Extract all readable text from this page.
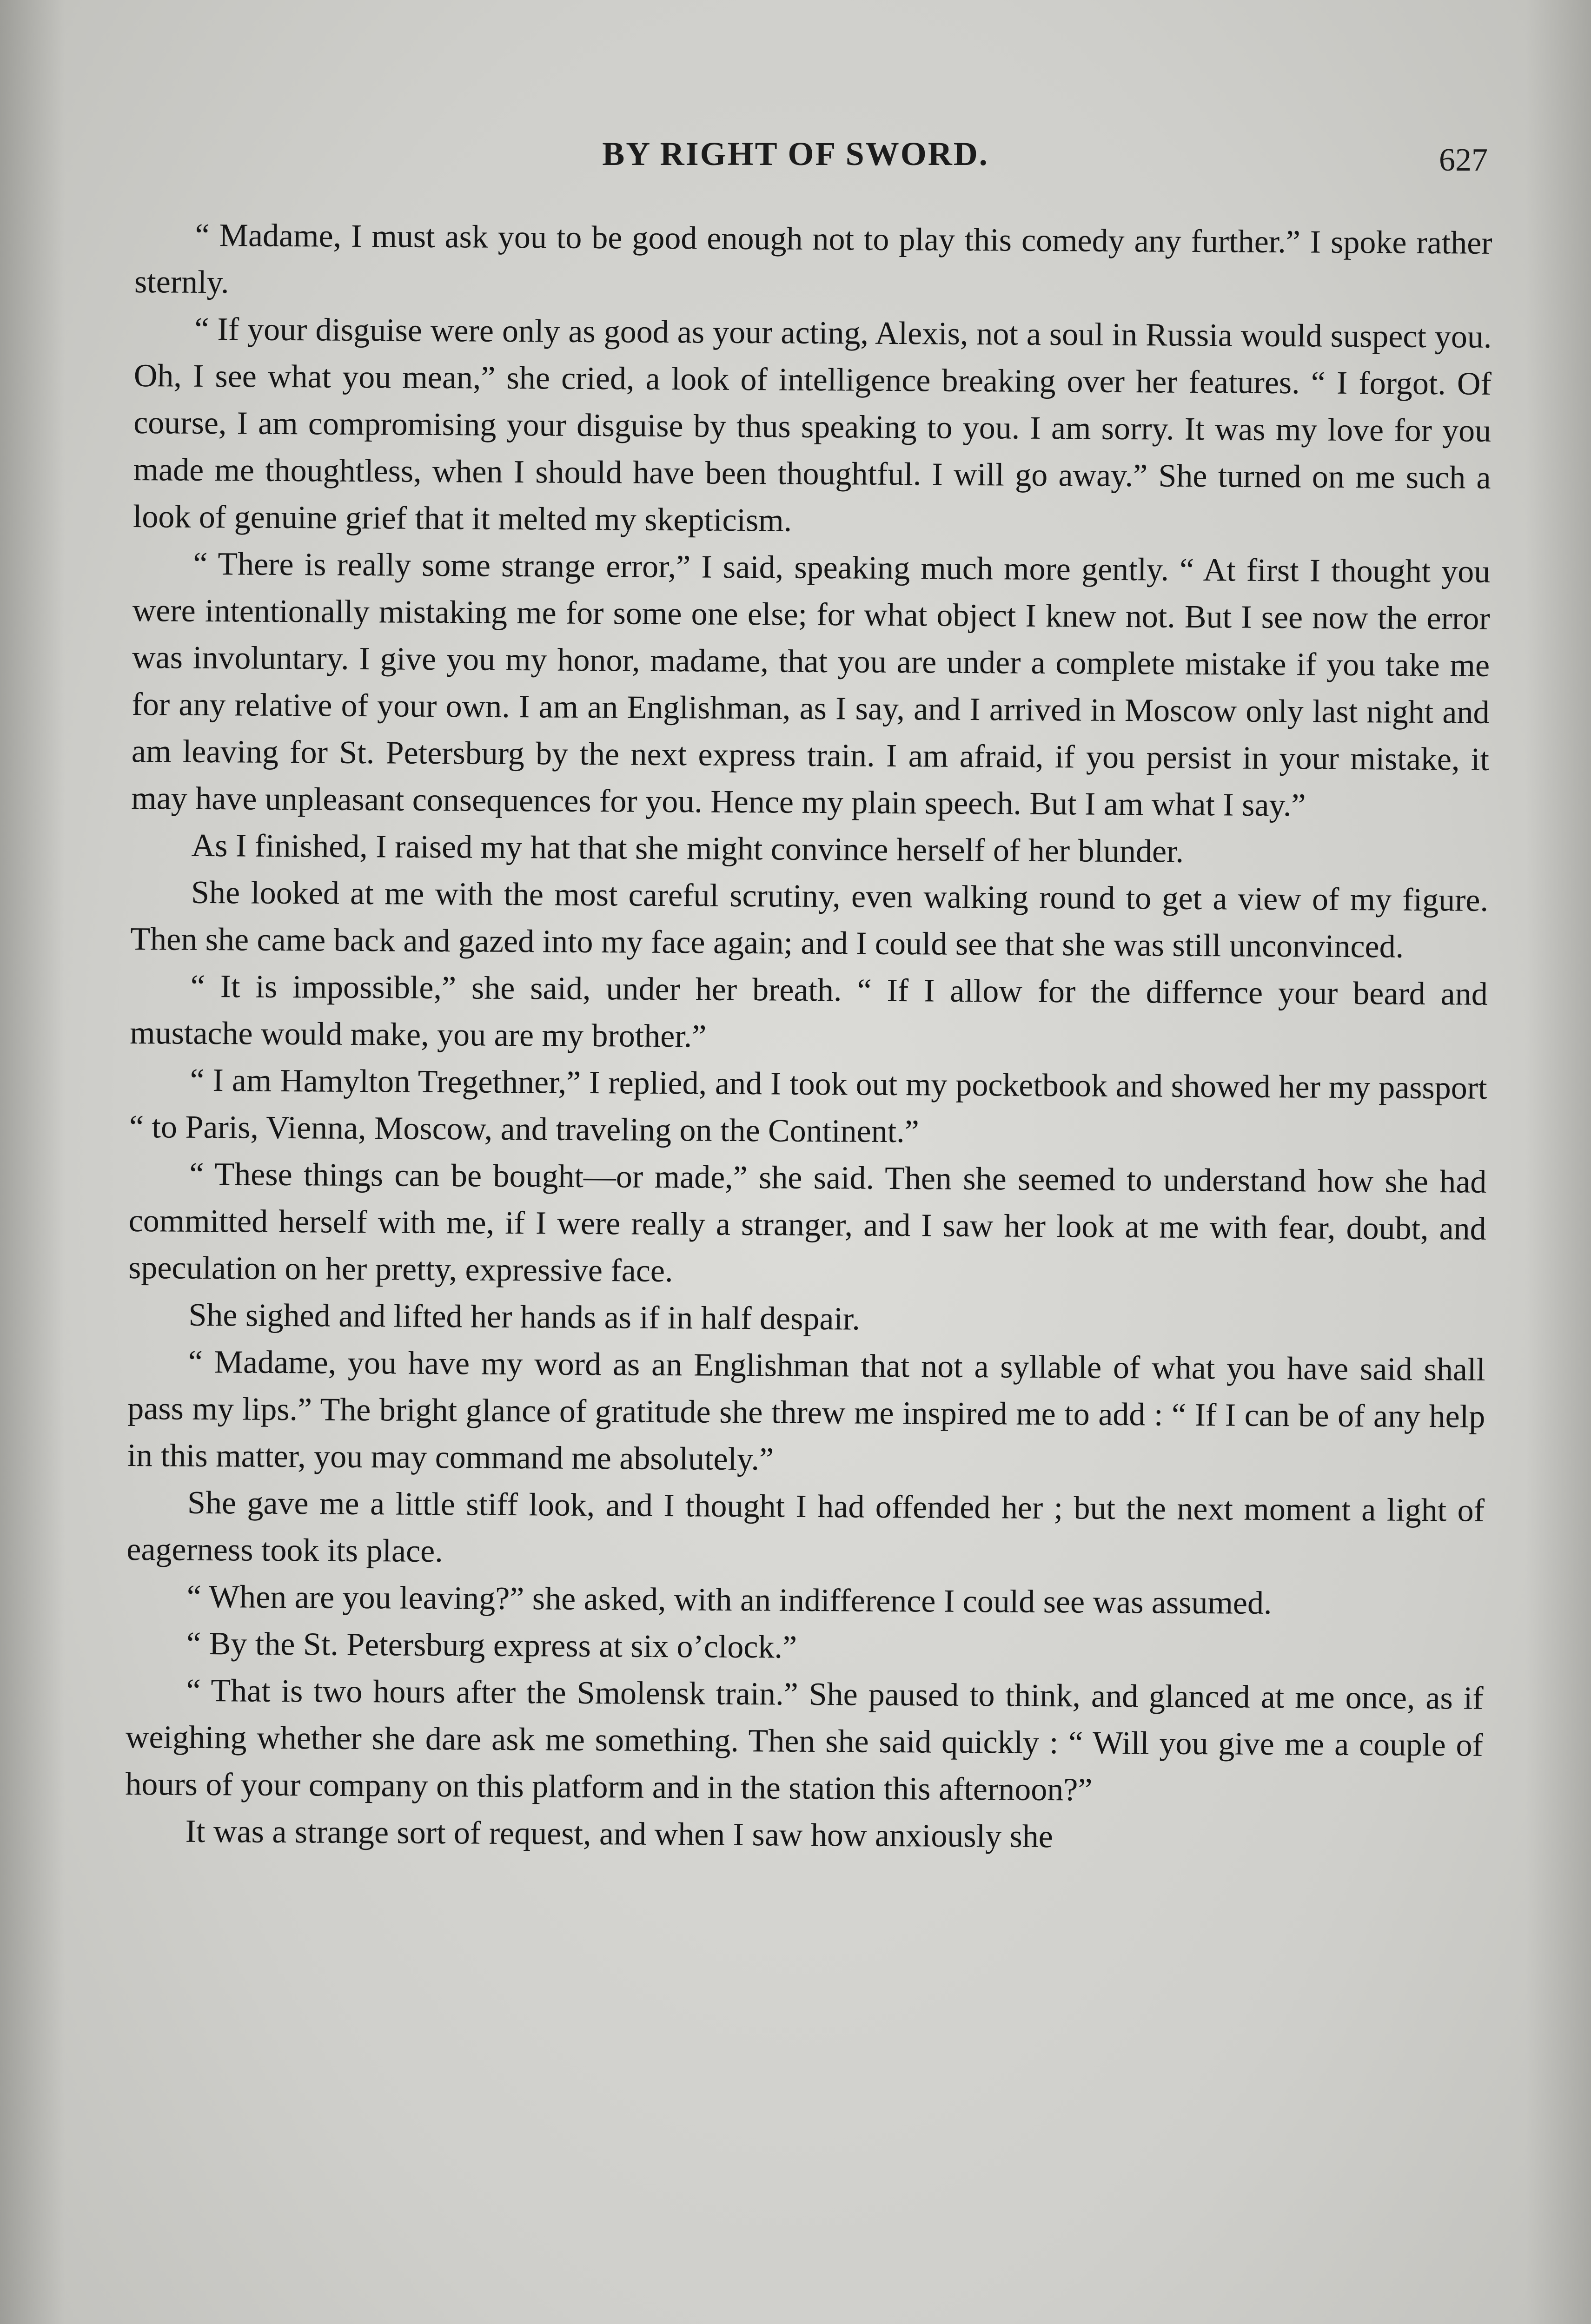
BY RIGHT OF SWORD.	627

“ Madame, I must ask you to be good enough not to play this comedy any further.” I spoke rather sternly.

“ If your disguise were only as good as your acting, Alexis, not a soul in Russia would suspect you. Oh, I see what you mean,” she cried, a look of intelligence breaking over her features. “ I forgot. Of course, I am compromising your disguise by thus speaking to you. I am sorry. It was my love for you made me thoughtless, when I should have been thoughtful. I will go away.” She turned on me such a look of genuine grief that it melted my skepticism.

“ There is really some strange error,” I said, speaking much more gently. “ At first I thought you were intentionally mistaking me for some one else; for what object I knew not. But I see now the error was involuntary. I give you my honor, madame, that you are under a complete mistake if you take me for any relative of your own. I am an Englishman, as I say, and I arrived in Moscow only last night and am leaving for St. Petersburg by the next express train. I am afraid, if you persist in your mistake, it may have unpleasant consequences for you. Hence my plain speech. But I am what I say.”

As I finished, I raised my hat that she might convince herself of her blunder.

She looked at me with the most careful scrutiny, even walking round to get a view of my figure. Then she came back and gazed into my face again; and I could see that she was still unconvinced.

“ It is impossible,” she said, under her breath. “ If I allow for the differnce your beard and mustache would make, you are my brother.”

“ I am Hamylton Tregethner,” I replied, and I took out my pocketbook and showed her my passport “ to Paris, Vienna, Moscow, and traveling on the Continent.”

“ These things can be bought—or made,” she said. Then she seemed to understand how she had committed herself with me, if I were really a stranger, and I saw her look at me with fear, doubt, and speculation on her pretty, expressive face.

She sighed and lifted her hands as if in half despair.

“ Madame, you have my word as an Englishman that not a syllable of what you have said shall pass my lips.” The bright glance of gratitude she threw me inspired me to add : “ If I can be of any help in this matter, you may command me absolutely.”

She gave me a little stiff look, and I thought I had offended her ; but the next moment a light of eagerness took its place.

“ When are you leaving?” she asked, with an indifference I could see was assumed.

“ By the St. Petersburg express at six o’clock.”

“ That is two hours after the Smolensk train.” She paused to think, and glanced at me once, as if weighing whether she dare ask me something. Then she said quickly : “ Will you give me a couple of hours of your company on this platform and in the station this afternoon?”

It was a strange sort of request, and when I saw how anxiously she
